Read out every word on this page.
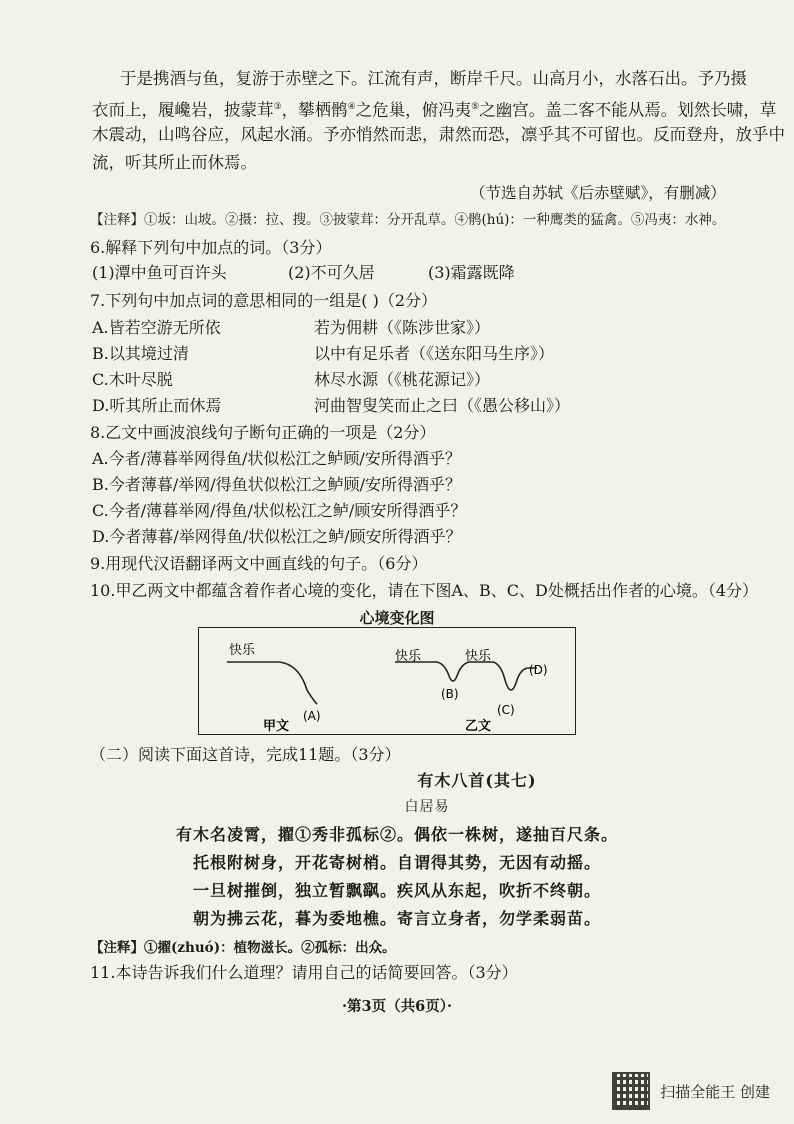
于是携酒与鱼，复游于赤壁之下。江流有声，断岸千尺。山高月小，水落石出。予乃摄
衣而上，履巉岩，披蒙茸③，攀栖鹘④之危巢，俯冯夷⑤之幽宫。盖二客不能从焉。划然长啸，草
木震动，山鸣谷应，风起水涌。予亦悄然而悲，肃然而恐，凛乎其不可留也。反而登舟，放乎中
流，听其所止而休焉。
（节选自苏轼《后赤壁赋》，有删减）
【注释】①坂：山坡。②摄：拉、搜。③披蒙茸：分开乱草。④鹘(hú)：一种鹰类的猛禽。⑤冯夷：水神。
6.解释下列句中加点的词。（3分）
(1)潭中鱼可百许头	(2)不可久居	(3)霜露既降
7.下列句中加点词的意思相同的一组是( )（2分）
A.皆若空游无所依	若为佣耕（《陈涉世家》）
B.以其境过清	以中有足乐者（《送东阳马生序》）
C.木叶尽脱	林尽水源（《桃花源记》）
D.听其所止而休焉	河曲智叟笑而止之曰（《愚公移山》）
8.乙文中画波浪线句子断句正确的一项是（2分）
A.今者/薄暮举网得鱼/状似松江之鲈顾/安所得酒乎？
B.今者薄暮/举网/得鱼状似松江之鲈顾/安所得酒乎？
C.今者/薄暮举网/得鱼/状似松江之鲈/顾安所得酒乎？
D.今者薄暮/举网得鱼/状似松江之鲈/顾安所得酒乎？
9.用现代汉语翻译两文中画直线的句子。（6分）
10.甲乙两文中都蕴含着作者心境的变化，请在下图A、B、C、D处概括出作者的心境。（4分）
心境变化图
快乐	快乐	快乐
(A)
(B)
(C)
(D)
甲文	乙文
（二）阅读下面这首诗，完成11题。（3分）
有木八首(其七)
白居易
有木名凌霄，擢①秀非孤标②。偶依一株树，遂抽百尺条。
托根附树身，开花寄树梢。自谓得其势，无因有动摇。
一旦树摧倒，独立暂飘飖。疾风从东起，吹折不终朝。
朝为拂云花，暮为委地樵。寄言立身者，勿学柔弱苗。
【注释】①擢(zhuó)：植物滋长。②孤标：出众。
11.本诗告诉我们什么道理？请用自己的话简要回答。（3分）
·第3页（共6页）·
扫描全能王 创建
